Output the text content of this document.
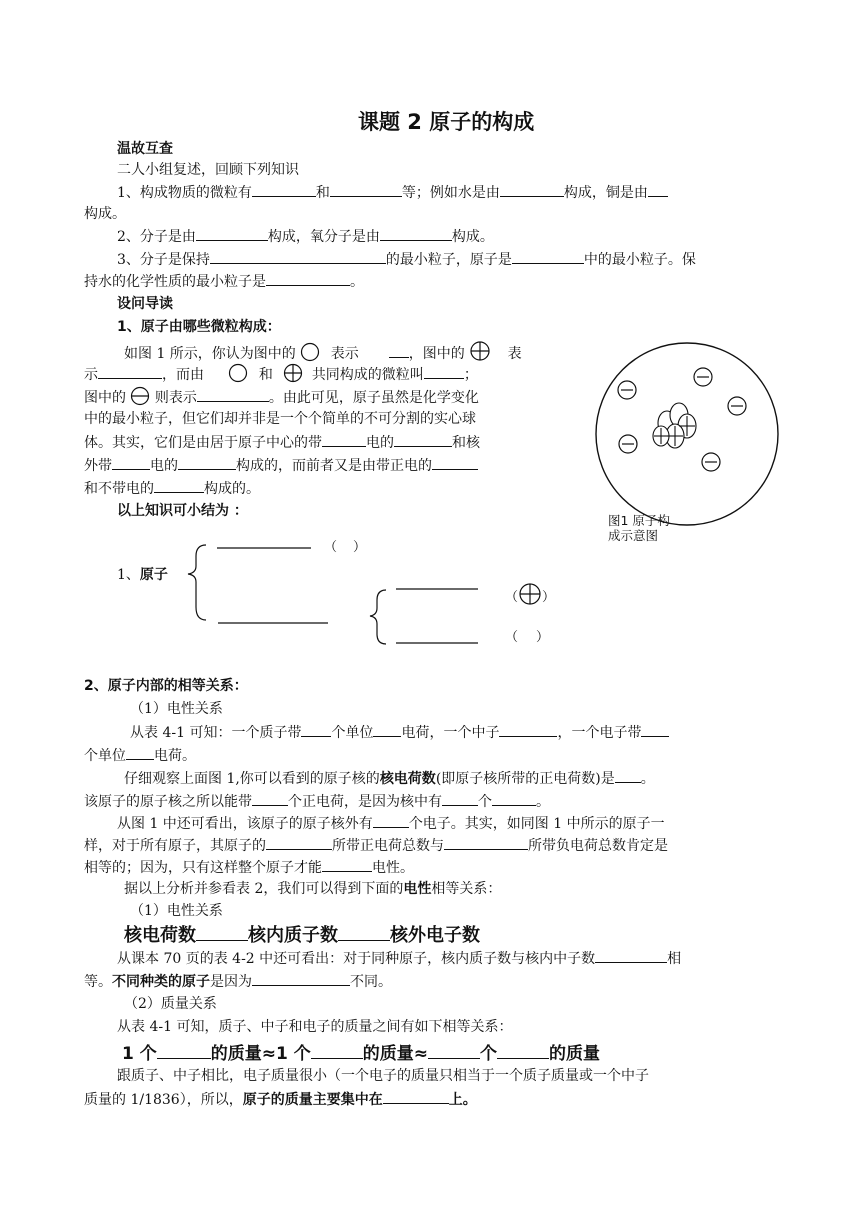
课题 2 原子的构成
温故互查
二人小组复述，回顾下列知识
1、构成物质的微粒有	和	等；例如水是由	构成，铜是由
构成。
2、分子是由	构成，氧分子是由	构成。
3、分子是保持	的最小粒子，原子是	中的最小粒子。保
持水的化学性质的最小粒子是	。
设问导读
1、原子由哪些微粒构成：
如图 1 所示，你认为图中的 表示	，图中的	表
示	，而由	和	共同构成的微粒叫	；
图中的 则表示	。由此可见，原子虽然是化学变化
中的最小粒子，但它们却并非是一个个简单的不可分割的实心球
体。其实，它们是由居于原子中心的带	电的	和核
外带	电的	构成的，而前者又是由带正电的
和不带电的	构成的。
以上知识可小结为 ：
图1 原子构
成示意图
1、原子
（ ）
（ ）
（ ）
2、原子内部的相等关系：
（1）电性关系
从表 4-1 可知：一个质子带 个单位 电荷，一个中子	，一个电子带
个单位 电荷。
仔细观察上面图 1,你可以看到的原子核的核电荷数(即原子核所带的正电荷数)是 。
该原子的原子核之所以能带	个正电荷，是因为核中有	个	。
从图 1 中还可看出，该原子的原子核外有	个电子。其实，如同图 1 中所示的原子一
样，对于所有原子，其原子的	所带正电荷总数与	所带负电荷总数肯定是
相等的；因为，只有这样整个原子才能	电性。
据以上分析并参看表 2，我们可以得到下面的电性相等关系：
（1）电性关系
核电荷数	核内质子数	核外电子数
从课本 70 页的表 4-2 中还可看出：对于同种原子，核内质子数与核内中子数	相
等。不同种类的原子是因为	不同。
（2）质量关系
从表 4-1 可知，质子、中子和电子的质量之间有如下相等关系：
1 个	的质量≈1 个	的质量≈	个	的质量
跟质子、中子相比，电子质量很小（一个电子的质量只相当于一个质子质量或一个中子
质量的 1/1836），所以，原子的质量主要集中在	上。
